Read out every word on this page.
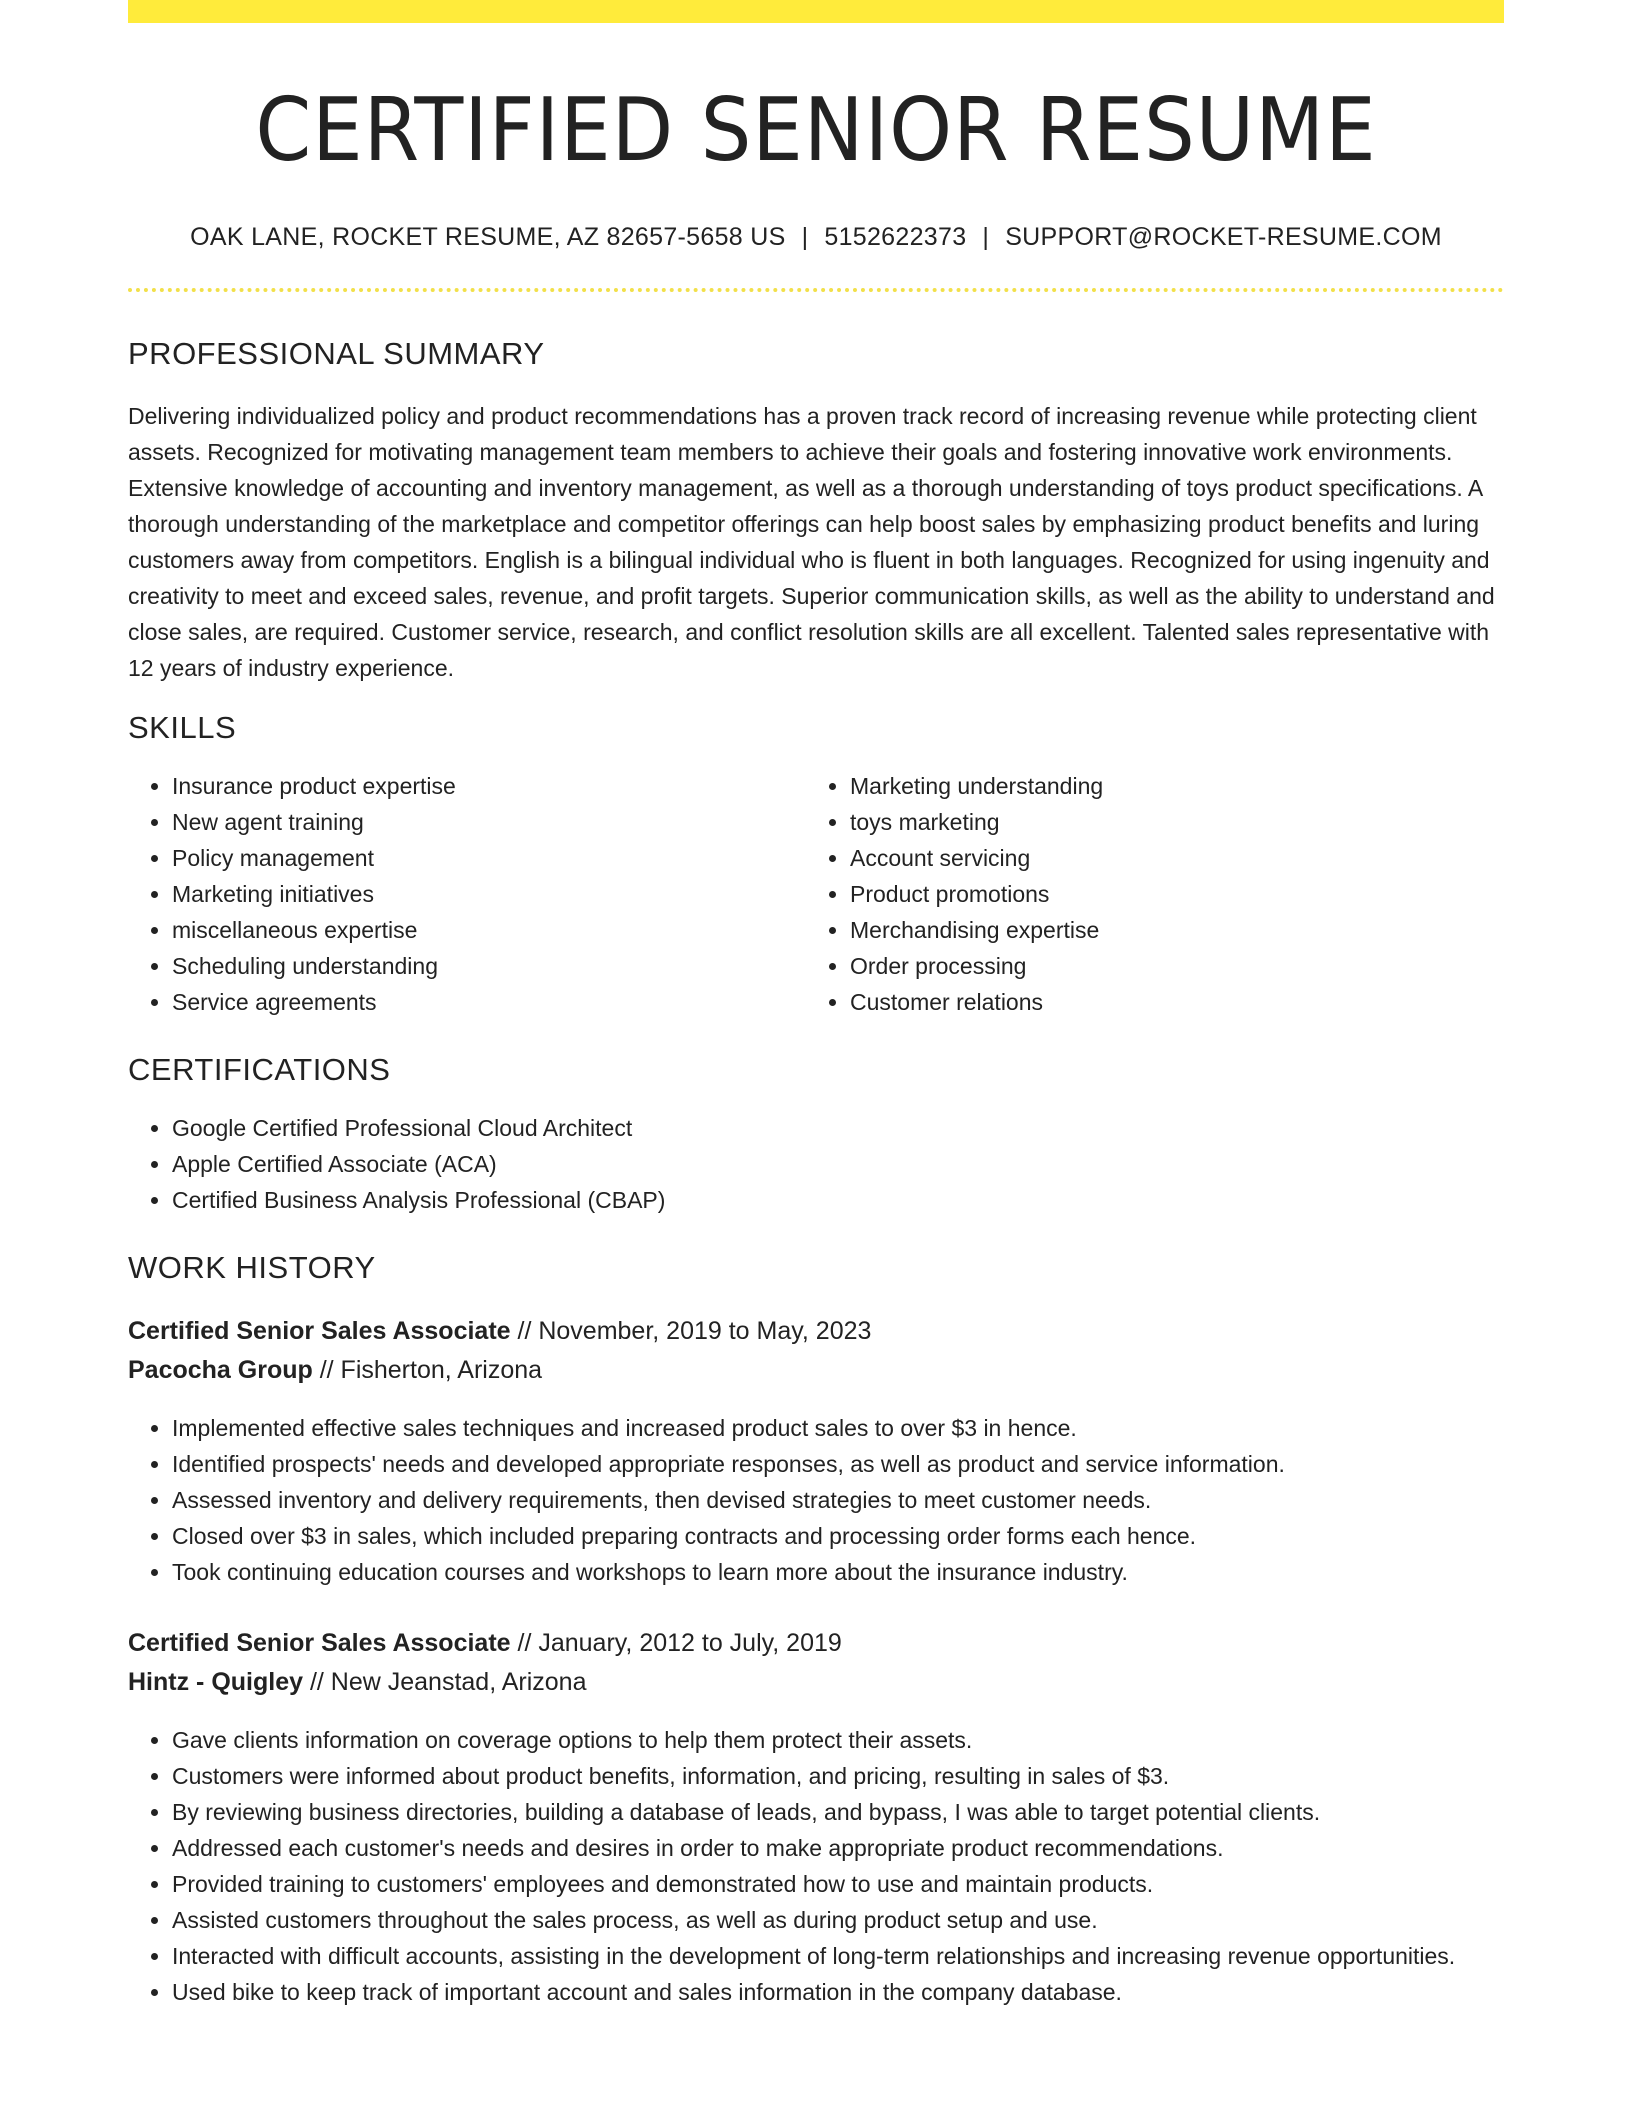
CERTIFIED SENIOR RESUME
OAK LANE, ROCKET RESUME, AZ 82657-5658 US | 5152622373 | SUPPORT@ROCKET-RESUME.COM
PROFESSIONAL SUMMARY
Delivering individualized policy and product recommendations has a proven track record of increasing revenue while protecting client assets. Recognized for motivating management team members to achieve their goals and fostering innovative work environments. Extensive knowledge of accounting and inventory management, as well as a thorough understanding of toys product specifications. A thorough understanding of the marketplace and competitor offerings can help boost sales by emphasizing product benefits and luring customers away from competitors. English is a bilingual individual who is fluent in both languages. Recognized for using ingenuity and creativity to meet and exceed sales, revenue, and profit targets. Superior communication skills, as well as the ability to understand and close sales, are required. Customer service, research, and conflict resolution skills are all excellent. Talented sales representative with 12 years of industry experience.
SKILLS
• Insurance product expertise
• New agent training
• Policy management
• Marketing initiatives
• miscellaneous expertise
• Scheduling understanding
• Service agreements
• Marketing understanding
• toys marketing
• Account servicing
• Product promotions
• Merchandising expertise
• Order processing
• Customer relations
CERTIFICATIONS
• Google Certified Professional Cloud Architect
• Apple Certified Associate (ACA)
• Certified Business Analysis Professional (CBAP)
WORK HISTORY
Certified Senior Sales Associate // November, 2019 to May, 2023
Pacocha Group // Fisherton, Arizona
• Implemented effective sales techniques and increased product sales to over $3 in hence.
• Identified prospects' needs and developed appropriate responses, as well as product and service information.
• Assessed inventory and delivery requirements, then devised strategies to meet customer needs.
• Closed over $3 in sales, which included preparing contracts and processing order forms each hence.
• Took continuing education courses and workshops to learn more about the insurance industry.
Certified Senior Sales Associate // January, 2012 to July, 2019
Hintz - Quigley // New Jeanstad, Arizona
• Gave clients information on coverage options to help them protect their assets.
• Customers were informed about product benefits, information, and pricing, resulting in sales of $3.
• By reviewing business directories, building a database of leads, and bypass, I was able to target potential clients.
• Addressed each customer's needs and desires in order to make appropriate product recommendations.
• Provided training to customers' employees and demonstrated how to use and maintain products.
• Assisted customers throughout the sales process, as well as during product setup and use.
• Interacted with difficult accounts, assisting in the development of long-term relationships and increasing revenue opportunities.
• Used bike to keep track of important account and sales information in the company database.
